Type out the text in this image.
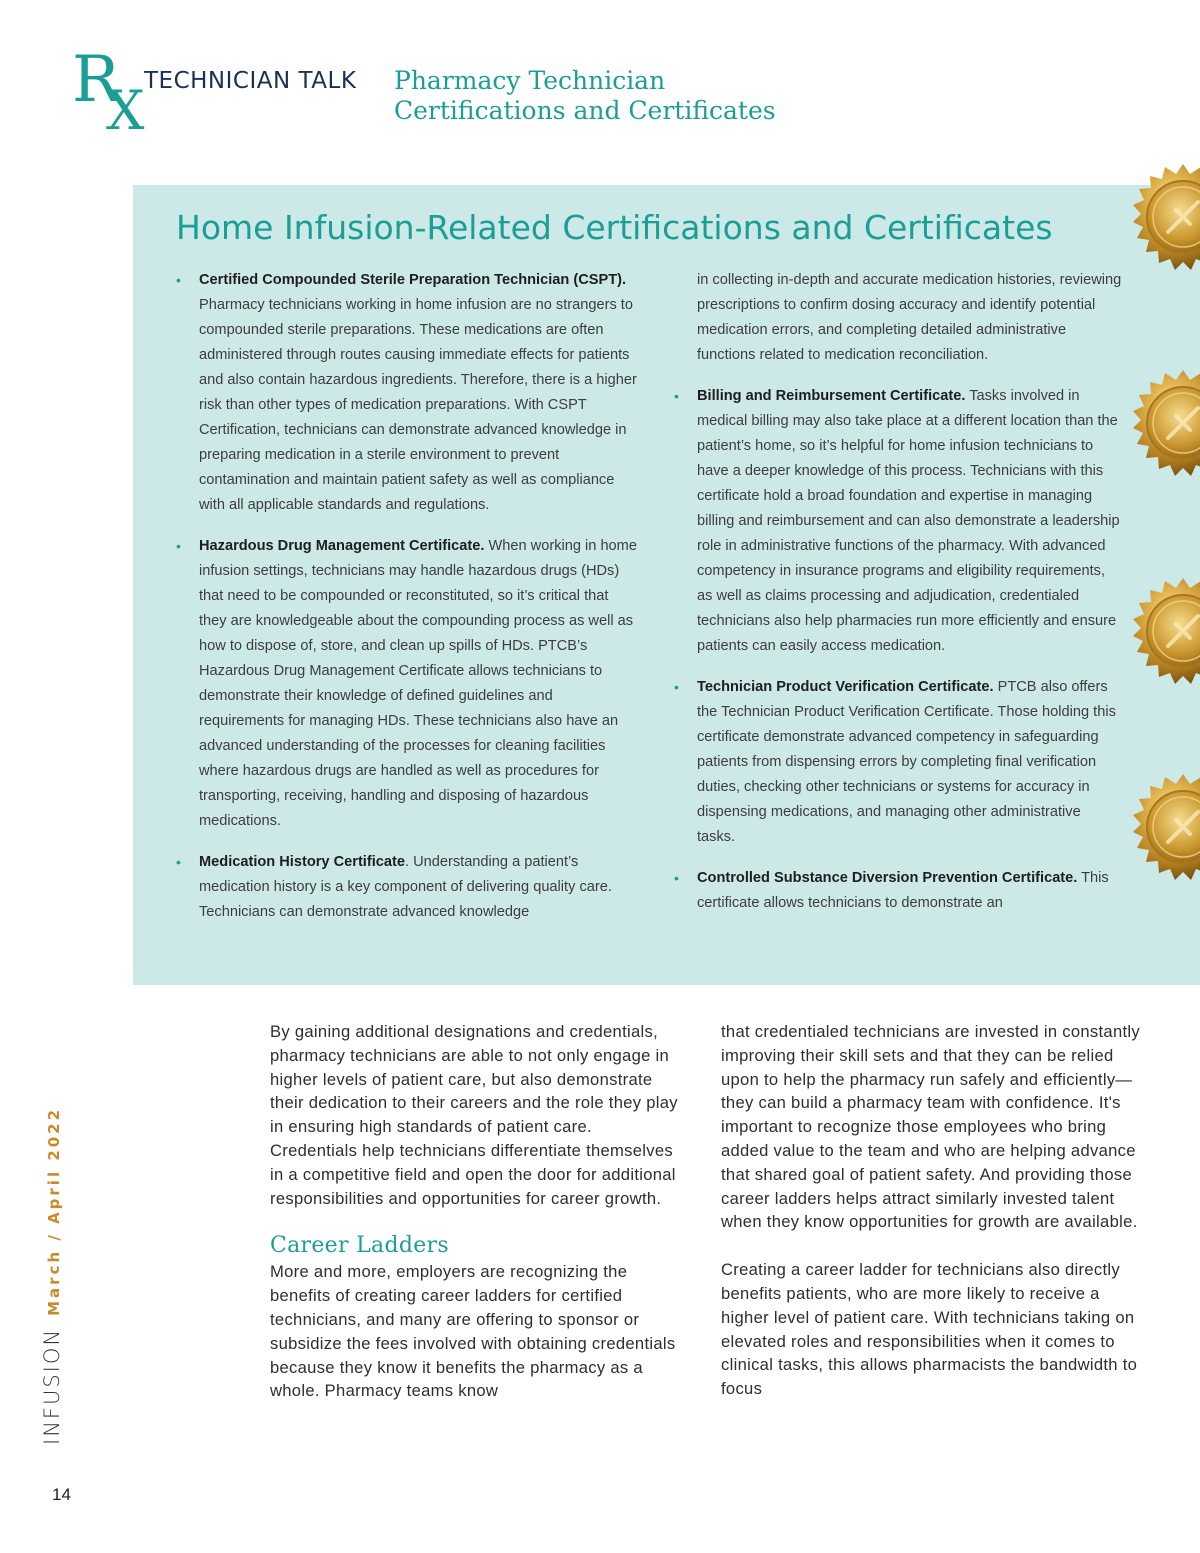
R
X TECHNICIAN TALK Pharmacy Technician
Certifications and Certificates
Home Infusion-Related Certifications and Certificates
• Certified Compounded Sterile Preparation Technician (CSPT). Pharmacy technicians working in home infusion are no strangers to compounded sterile preparations. These medications are often administered through routes causing immediate effects for patients and also contain hazardous ingredients. Therefore, there is a higher risk than other types of medication preparations. With CSPT Certification, technicians can demonstrate advanced knowledge in preparing medication in a sterile environment to prevent contamination and maintain patient safety as well as compliance with all applicable standards and regulations.
• Hazardous Drug Management Certificate. When working in home infusion settings, technicians may handle hazardous drugs (HDs) that need to be compounded or reconstituted, so it’s critical that they are knowledgeable about the compounding process as well as how to dispose of, store, and clean up spills of HDs. PTCB’s Hazardous Drug Management Certificate allows technicians to demonstrate their knowledge of defined guidelines and requirements for managing HDs. These technicians also have an advanced understanding of the processes for cleaning facilities where hazardous drugs are handled as well as procedures for transporting, receiving, handling and disposing of hazardous medications.
• Medication History Certificate. Understanding a patient’s medication history is a key component of delivering quality care. Technicians can demonstrate advanced knowledge
in collecting in-depth and accurate medication histories, reviewing prescriptions to confirm dosing accuracy and identify potential medication errors, and completing detailed administrative functions related to medication reconciliation.
• Billing and Reimbursement Certificate. Tasks involved in medical billing may also take place at a different location than the patient’s home, so it’s helpful for home infusion technicians to have a deeper knowledge of this process. Technicians with this certificate hold a broad foundation and expertise in managing billing and reimbursement and can also demonstrate a leadership role in administrative functions of the pharmacy. With advanced competency in insurance programs and eligibility requirements, as well as claims processing and adjudication, credentialed technicians also help pharmacies run more efficiently and ensure patients can easily access medication.
• Technician Product Verification Certificate. PTCB also offers the Technician Product Verification Certificate. Those holding this certificate demonstrate advanced competency in safeguarding patients from dispensing errors by completing final verification duties, checking other technicians or systems for accuracy in dispensing medications, and managing other administrative tasks.
• Controlled Substance Diversion Prevention Certificate. This certificate allows technicians to demonstrate an

By gaining additional designations and credentials, pharmacy technicians are able to not only engage in higher levels of patient care, but also demonstrate their dedication to their careers and the role they play in ensuring high standards of patient care. Credentials help technicians differentiate themselves in a competitive field and open the door for additional responsibilities and opportunities for career growth.

Career Ladders

More and more, employers are recognizing the benefits of creating career ladders for certified technicians, and many are offering to sponsor or subsidize the fees involved with obtaining credentials because they know it benefits the pharmacy as a whole. Pharmacy teams know

that credentialed technicians are invested in constantly improving their skill sets and that they can be relied upon to help the pharmacy run safely and efficiently—they can build a pharmacy team with confidence. It's important to recognize those employees who bring added value to the team and who are helping advance that shared goal of patient safety. And providing those career ladders helps attract similarly invested talent when they know opportunities for growth are available.

Creating a career ladder for technicians also directly benefits patients, who are more likely to receive a higher level of patient care. With technicians taking on elevated roles and responsibilities when it comes to clinical tasks, this allows pharmacists the bandwidth to focus

INFUSIONMarch / April 2022
14
